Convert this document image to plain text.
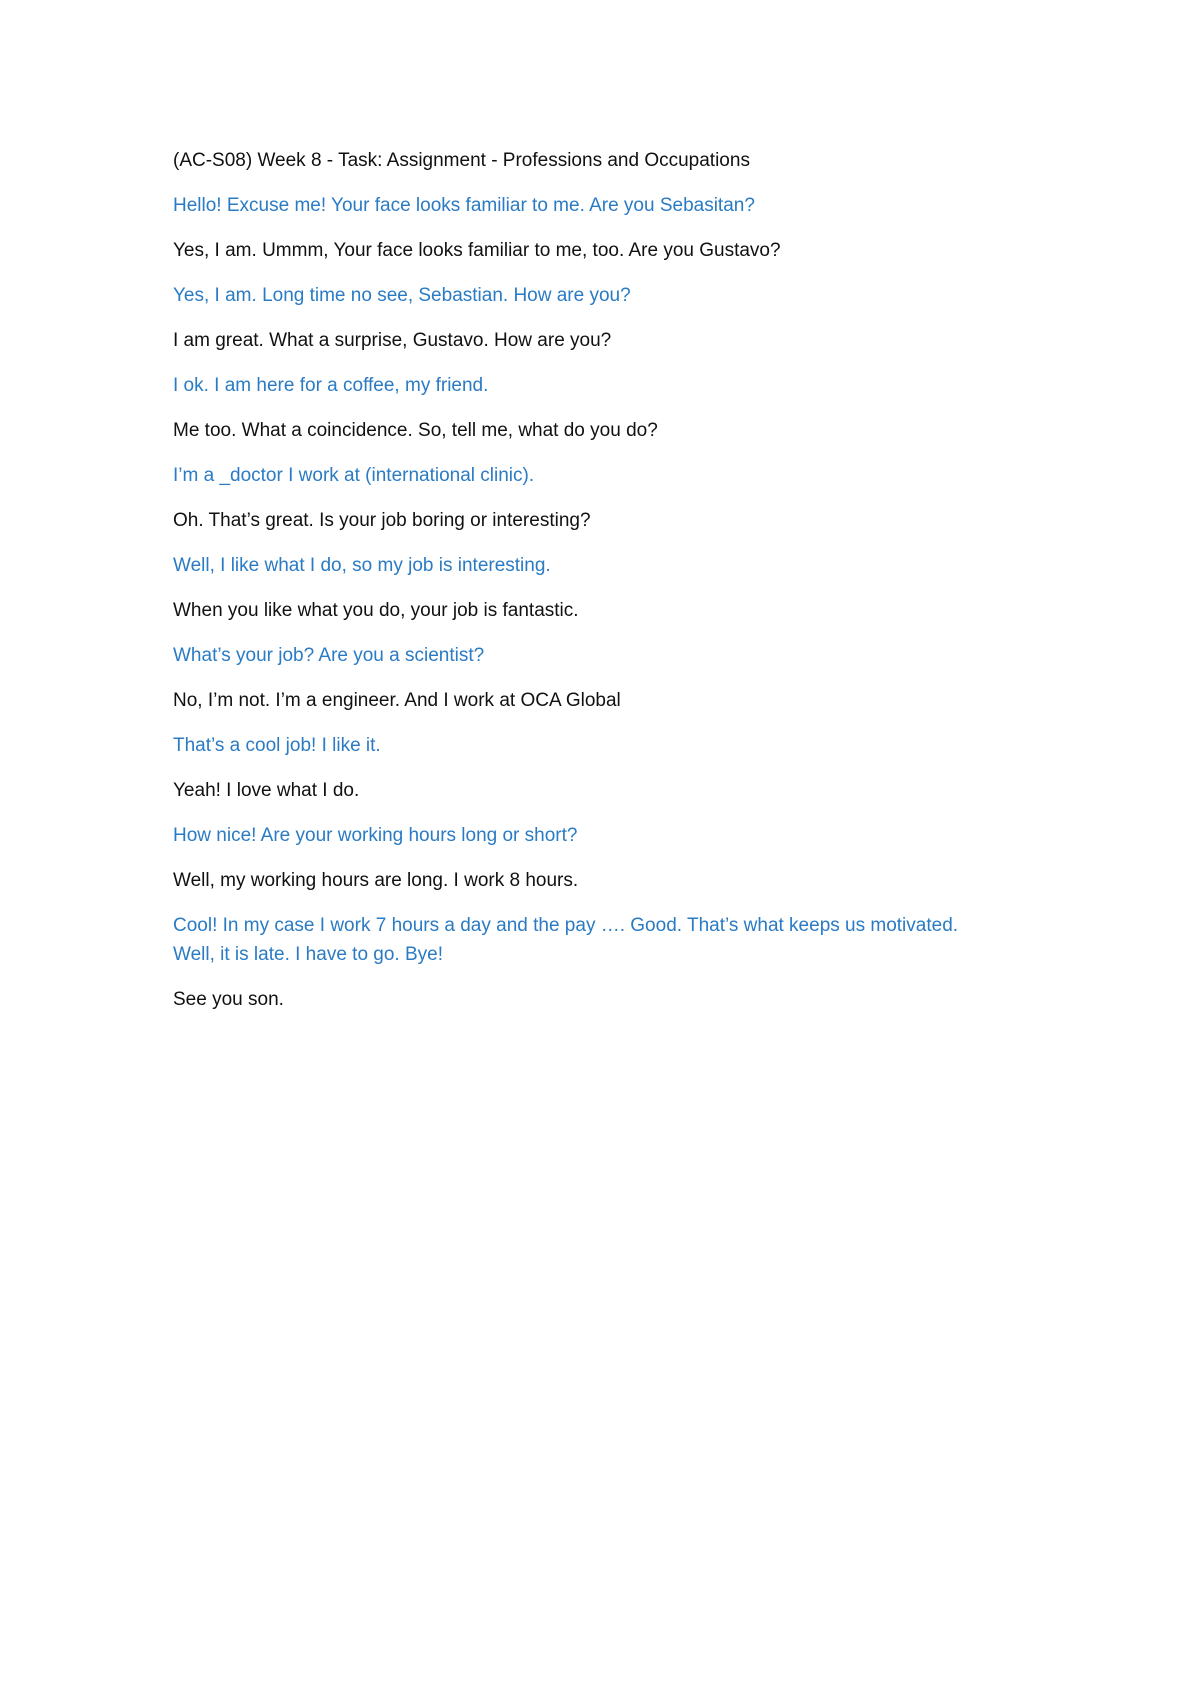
(AC-S08) Week 8 - Task: Assignment - Professions and Occupations
Hello! Excuse me! Your face looks familiar to me. Are you Sebasitan?
Yes, I am. Ummm, Your face looks familiar to me, too. Are you Gustavo?
Yes, I am. Long time no see, Sebastian. How are you?
I am great. What a surprise, Gustavo. How are you?
I ok. I am here for a coffee, my friend.
Me too. What a coincidence. So, tell me, what do you do?
I’m a _doctor I work at (international clinic).
Oh. That’s great. Is your job boring or interesting?
Well, I like what I do, so my job is interesting.
When you like what you do, your job is fantastic.
What’s your job? Are you a scientist?
No, I’m not. I’m a engineer. And I work at OCA Global
That’s a cool job! I like it.
Yeah! I love what I do.
How nice! Are your working hours long or short?
Well, my working hours are long. I work 8 hours.
Cool! In my case I work 7 hours a day and the pay …. Good. That’s what keeps us motivated.
Well, it is late. I have to go. Bye!
See you son.
